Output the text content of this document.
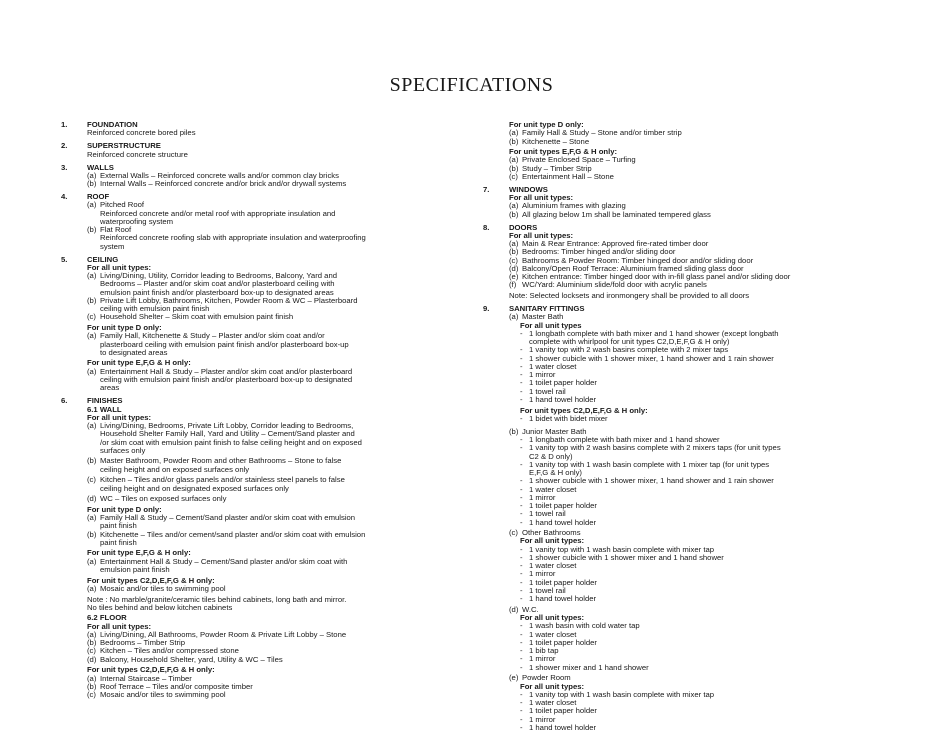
SPECIFICATIONS
1.	FOUNDATION
Reinforced concrete bored piles
2.	SUPERSTRUCTURE
Reinforced concrete structure
3.	WALLS
(a) External Walls – Reinforced concrete walls and/or common clay bricks
(b) Internal Walls – Reinforced concrete and/or brick and/or drywall systems
4.	ROOF
(a) Pitched Roof
Reinforced concrete and/or metal roof with appropriate insulation and
waterproofing system
(b) Flat Roof
Reinforced concrete roofing slab with appropriate insulation and waterproofing
system
5.	CEILING
For all unit types:
(a) Living/Dining, Utility, Corridor leading to Bedrooms, Balcony, Yard and
Bedrooms – Plaster and/or skim coat and/or plasterboard ceiling with
emulsion paint finish and/or plasterboard box-up to designated areas
(b) Private Lift Lobby, Bathrooms, Kitchen, Powder Room & WC – Plasterboard
ceiling with emulsion paint finish
(c) Household Shelter – Skim coat with emulsion paint finish
For unit type D only:
(a) Family Hall, Kitchenette & Study – Plaster and/or skim coat and/or
plasterboard ceiling with emulsion paint finish and/or plasterboard box-up
to designated areas
For unit type E,F,G & H only:
(a) Entertainment Hall & Study – Plaster and/or skim coat and/or plasterboard
ceiling with emulsion paint finish and/or plasterboard box-up to designated
areas
6.	FINISHES
6.1 WALL
For all unit types:
(a) Living/Dining, Bedrooms, Private Lift Lobby, Corridor leading to Bedrooms,
Household Shelter Family Hall, Yard and Utility – Cement/Sand plaster and
/or skim coat with emulsion paint finish to false ceiling height and on exposed
surfaces only
(b) Master Bathroom, Powder Room and other Bathrooms – Stone to false
ceiling height and on exposed surfaces only
(c) Kitchen – Tiles and/or glass panels and/or stainless steel panels to false
ceiling height and on designated exposed surfaces only
(d) WC – Tiles on exposed surfaces only
For unit type D only:
(a) Family Hall & Study – Cement/Sand plaster and/or skim coat with emulsion
paint finish
(b) Kitchenette – Tiles and/or cement/sand plaster and/or skim coat with emulsion
paint finish
For unit type E,F,G & H only:
(a) Entertainment Hall & Study – Cement/Sand plaster and/or skim coat with
emulsion paint finish
For unit types C2,D,E,F,G & H only:
(a) Mosaic and/or tiles to swimming pool
Note : No marble/granite/ceramic tiles behind cabinets, long bath and mirror.
No tiles behind and below kitchen cabinets
6.2 FLOOR
For all unit types:
(a) Living/Dining, All Bathrooms, Powder Room & Private Lift Lobby – Stone
(b) Bedrooms – Timber Strip
(c) Kitchen – Tiles and/or compressed stone
(d) Balcony, Household Shelter, yard, Utility & WC – Tiles
For unit types C2,D,E,F,G & H only:
(a) Internal Staircase – Timber
(b) Roof Terrace – Tiles and/or composite timber
(c) Mosaic and/or tiles to swimming pool
For unit type D only:
(a) Family Hall & Study – Stone and/or timber strip
(b) Kitchenette – Stone
For unit types E,F,G & H only:
(a) Private Enclosed Space – Turfing
(b) Study – Timber Strip
(c) Entertainment Hall – Stone
7.	WINDOWS
For all unit types:
(a) Aluminium frames with glazing
(b) All glazing below 1m shall be laminated tempered glass
8.	DOORS
For all unit types:
(a) Main & Rear Entrance: Approved fire-rated timber door
(b) Bedrooms: Timber hinged and/or sliding door
(c) Bathrooms & Powder Room: Timber hinged door and/or sliding door
(d) Balcony/Open Roof Terrace: Aluminium framed sliding glass door
(e) Kitchen entrance: Timber hinged door with in-fill glass panel and/or sliding door
(f) WC/Yard: Aluminium slide/fold door with acrylic panels
Note: Selected locksets and ironmongery shall be provided to all doors
9.	SANITARY FITTINGS
(a) Master Bath
For all unit types
- 1 longbath complete with bath mixer and 1 hand shower (except longbath
complete with whirlpool for unit types C2,D,E,F,G & H only)
- 1 vanity top with 2 wash basins complete with 2 mixer taps
- 1 shower cubicle with 1 shower mixer, 1 hand shower and 1 rain shower
- 1 water closet
- 1 mirror
- 1 toilet paper holder
- 1 towel rail
- 1 hand towel holder
For unit types C2,D,E,F,G & H only:
- 1 bidet with bidet mixer
(b) Junior Master Bath
- 1 longbath complete with bath mixer and 1 hand shower
- 1 vanity top with 2 wash basins complete with 2 mixers taps (for unit types
C2 & D only)
- 1 vanity top with 1 wash basin complete with 1 mixer tap (for unit types
E,F,G & H only)
- 1 shower cubicle with 1 shower mixer, 1 hand shower and 1 rain shower
- 1 water closet
- 1 mirror
- 1 toilet paper holder
- 1 towel rail
- 1 hand towel holder
(c) Other Bathrooms
For all unit types:
- 1 vanity top with 1 wash basin complete with mixer tap
- 1 shower cubicle with 1 shower mixer and 1 hand shower
- 1 water closet
- 1 mirror
- 1 toilet paper holder
- 1 towel rail
- 1 hand towel holder
(d) W.C.
For all unit types:
- 1 wash basin with cold water tap
- 1 water closet
- 1 toilet paper holder
- 1 bib tap
- 1 mirror
- 1 shower mixer and 1 hand shower
(e) Powder Room
For all unit types:
- 1 vanity top with 1 wash basin complete with mixer tap
- 1 water closet
- 1 toilet paper holder
- 1 mirror
- 1 hand towel holder
